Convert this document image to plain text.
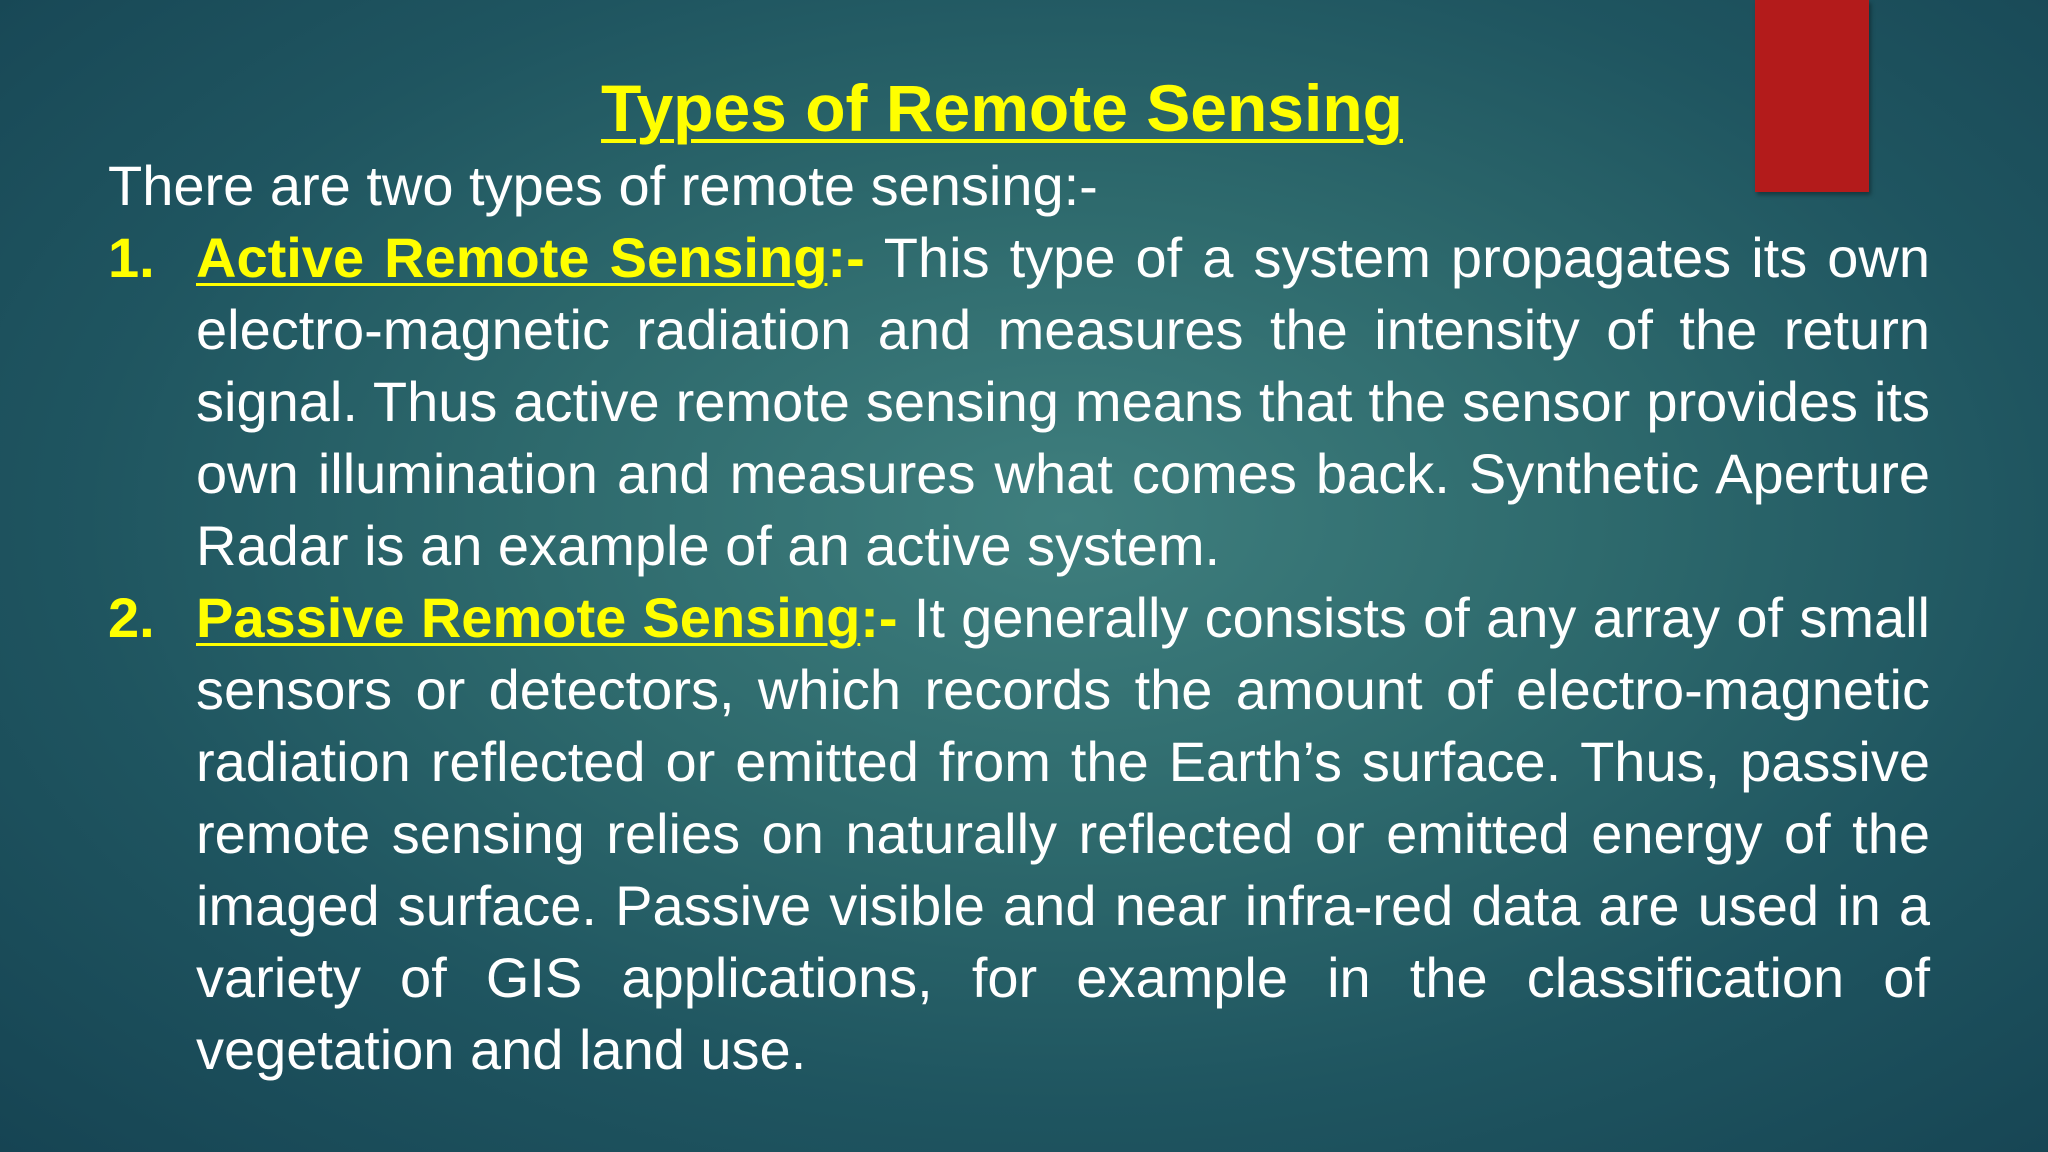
Types of Remote Sensing
There are two types of remote sensing:-
1. Active Remote Sensing:- This type of a system propagates its own electro-magnetic radiation and measures the intensity of the return signal. Thus active remote sensing means that the sensor provides its own illumination and measures what comes back. Synthetic Aperture Radar is an example of an active system.
2. Passive Remote Sensing:- It generally consists of any array of small sensors or detectors, which records the amount of electro-magnetic radiation reflected or emitted from the Earth’s surface. Thus, passive remote sensing relies on naturally reflected or emitted energy of the imaged surface. Passive visible and near infra-red data are used in a variety of GIS applications, for example in the classification of vegetation and land use.
